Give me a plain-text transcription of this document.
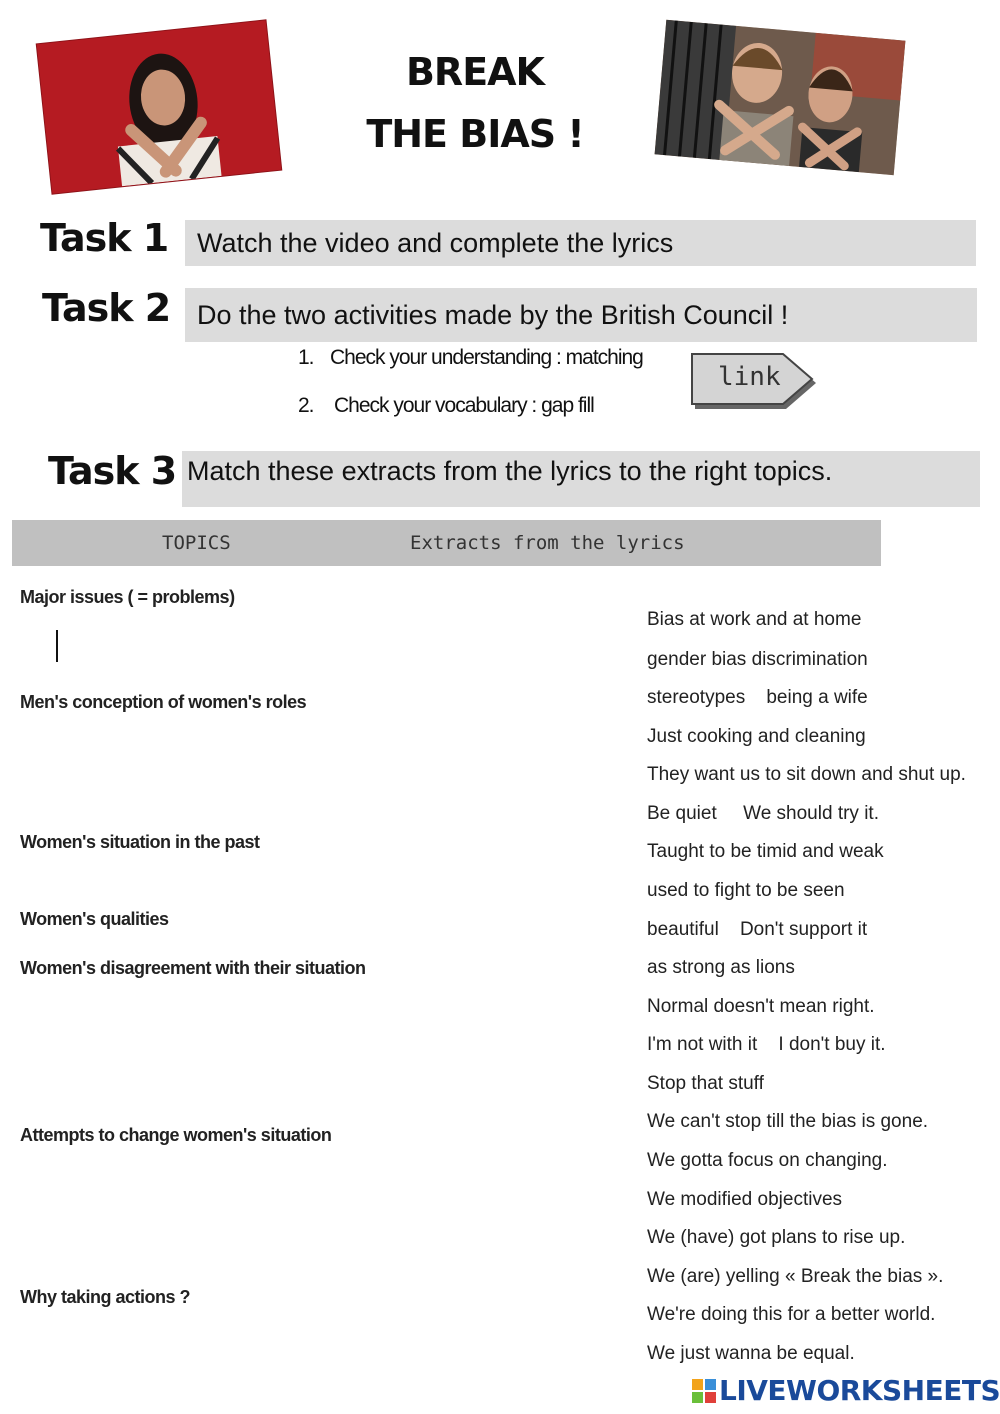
BREAK
THE BIAS !
Task 1 Watch the video and complete the lyrics
Task 2 Do the two activities made by the British Council !
1. Check your understanding : matching
2. Check your vocabulary : gap fill
link
Task 3 Match these extracts from the lyrics to the right topics.
TOPICS	Extracts from the lyrics
Major issues ( = problems)
Men's conception of women's roles
Women's situation in the past
Women's qualities
Women's disagreement with their situation
Attempts to change women's situation
Why taking actions ?
Bias at work and at home
gender bias discrimination
stereotypes    being a wife
Just cooking and cleaning
They want us to sit down and shut up.
Be quiet     We should try it.
Taught to be timid and weak
used to fight to be seen
beautiful    Don't support it
as strong as lions
Normal doesn't mean right.
I'm not with it    I don't buy it.
Stop that stuff
We can't stop till the bias is gone.
We gotta focus on changing.
We modified objectives
We (have) got plans to rise up.
We (are) yelling « Break the bias ».
We're doing this for a better world.
We just wanna be equal.
LIVEWORKSHEETS
